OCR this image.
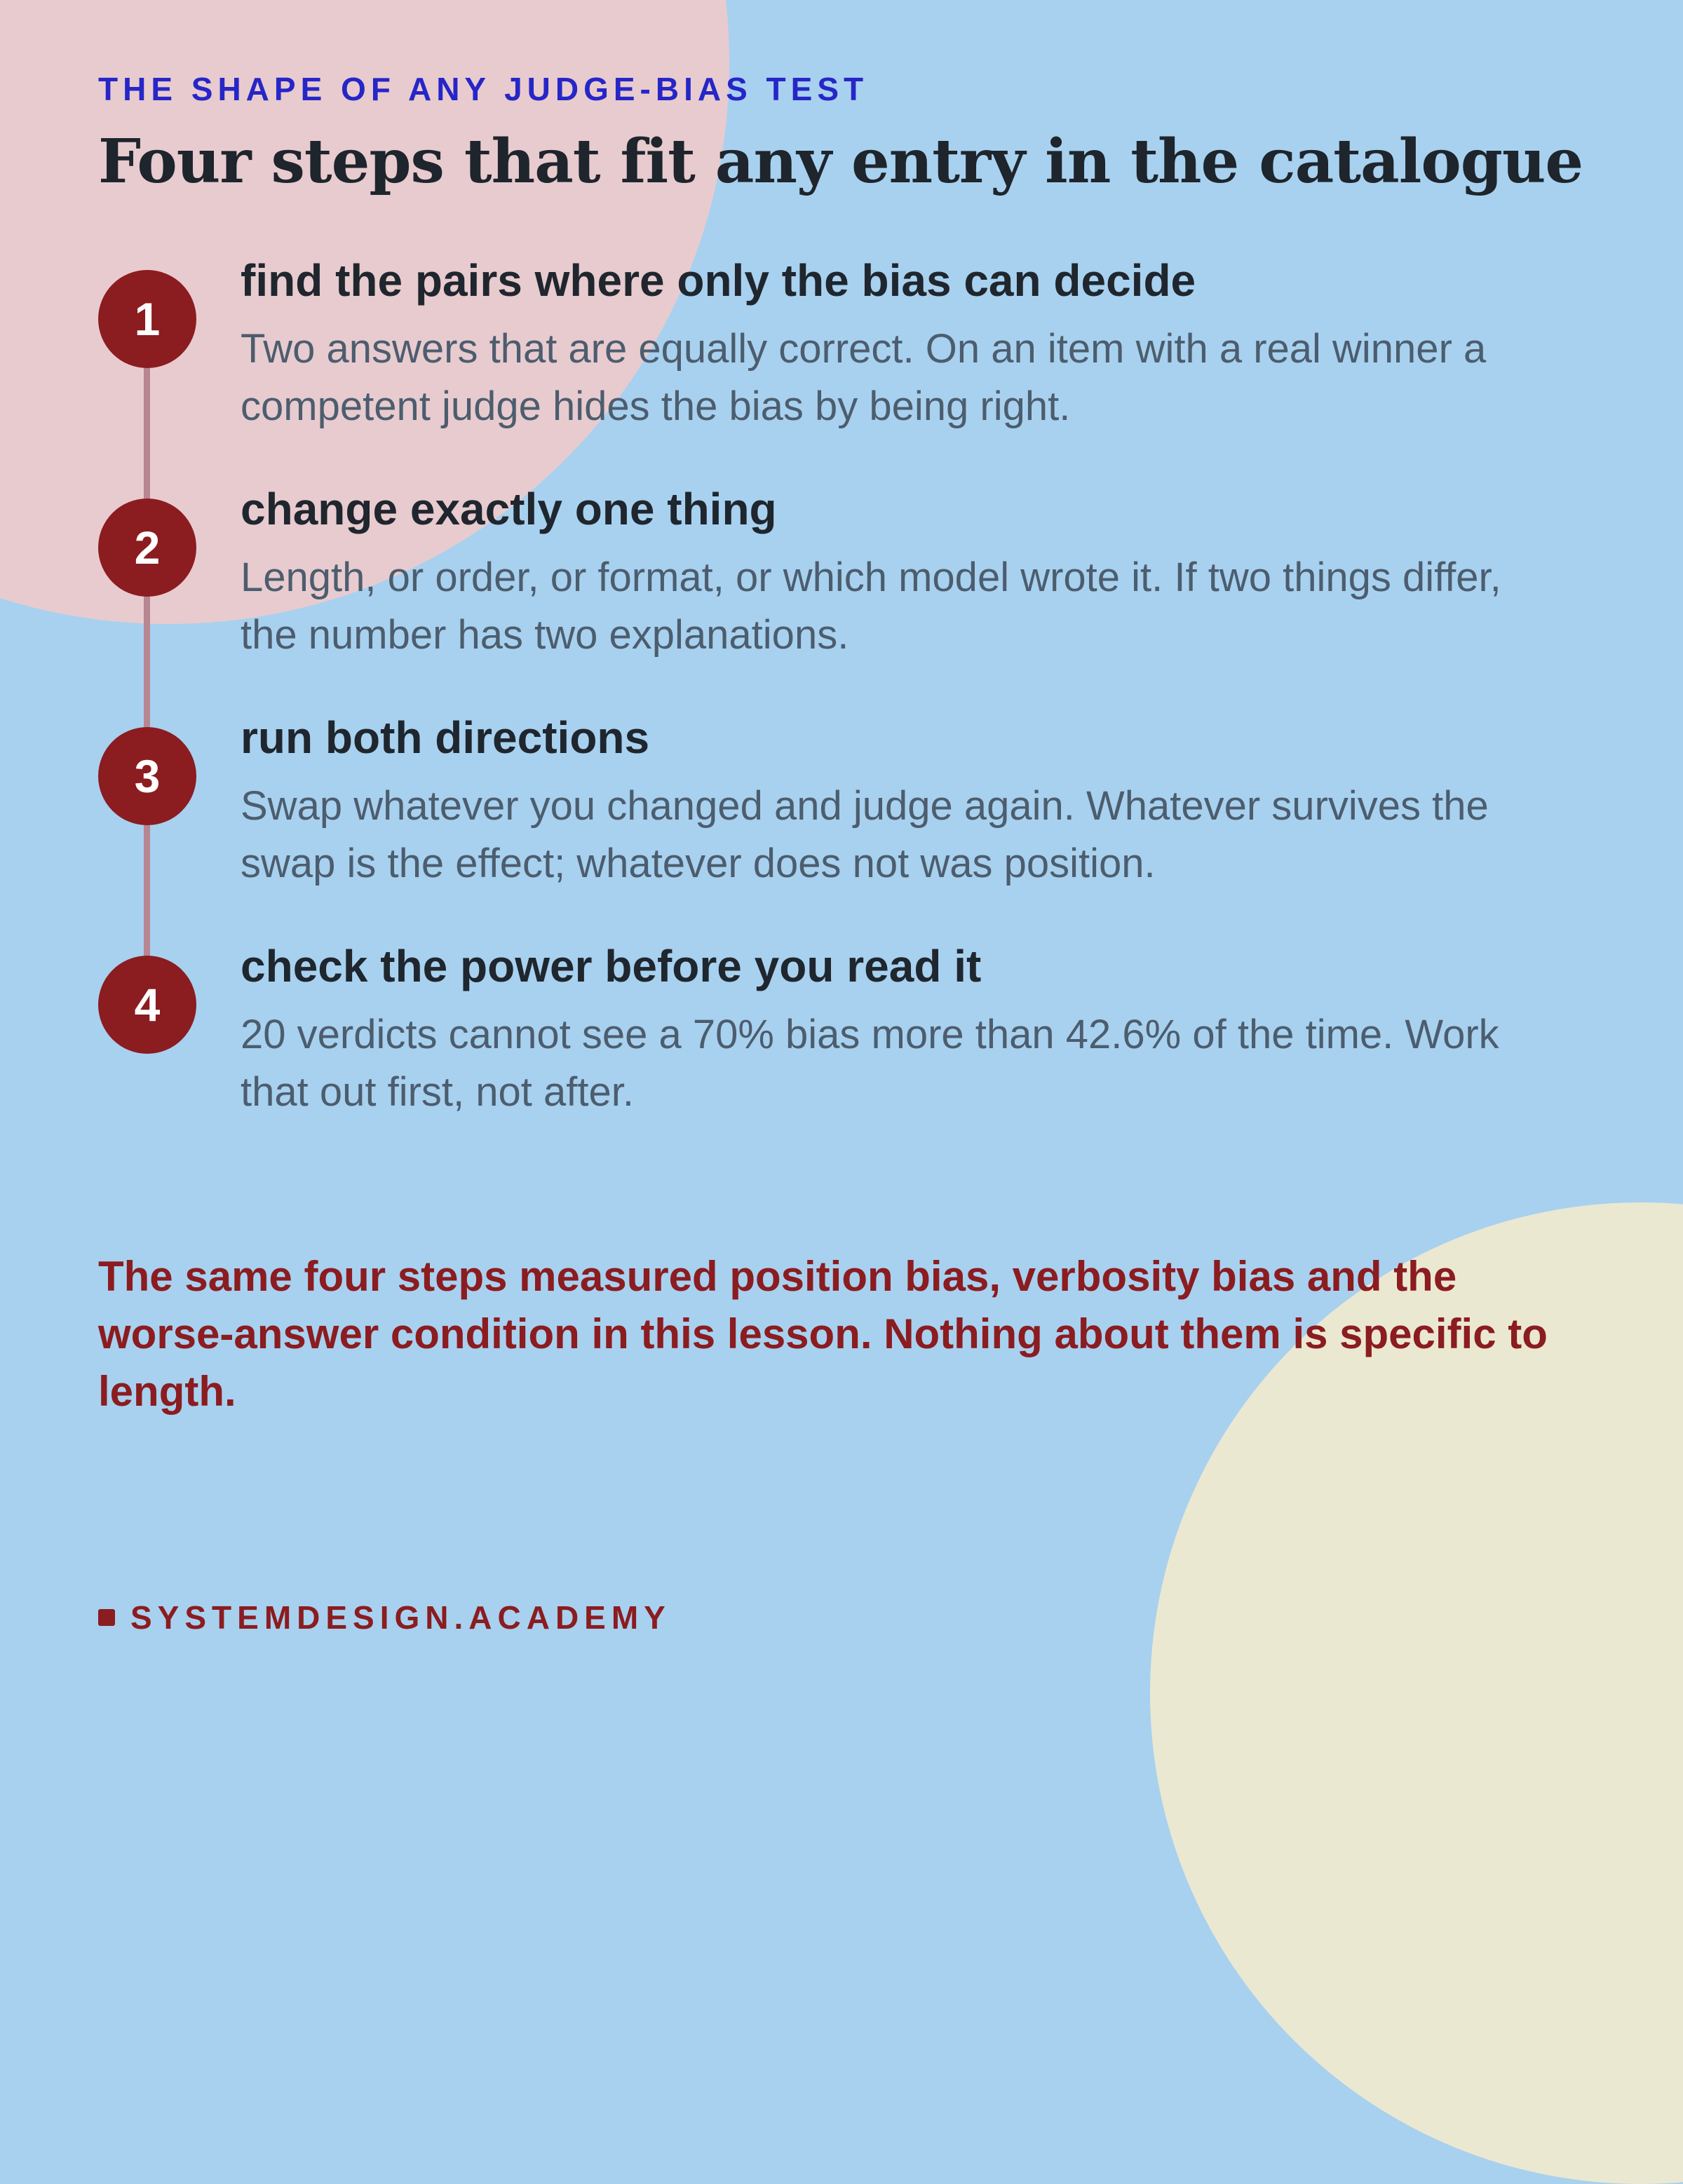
THE SHAPE OF ANY JUDGE-BIAS TEST
Four steps that fit any entry in the catalogue
1
find the pairs where only the bias can decide
Two answers that are equally correct. On an item with a real winner a competent judge hides the bias by being right.
2
change exactly one thing
Length, or order, or format, or which model wrote it. If two things differ, the number has two explanations.
3
run both directions
Swap whatever you changed and judge again. Whatever survives the swap is the effect; whatever does not was position.
4
check the power before you read it
20 verdicts cannot see a 70% bias more than 42.6% of the time. Work that out first, not after.
The same four steps measured position bias, verbosity bias and the worse-answer condition in this lesson. Nothing about them is specific to length.
SYSTEMDESIGN.ACADEMY
